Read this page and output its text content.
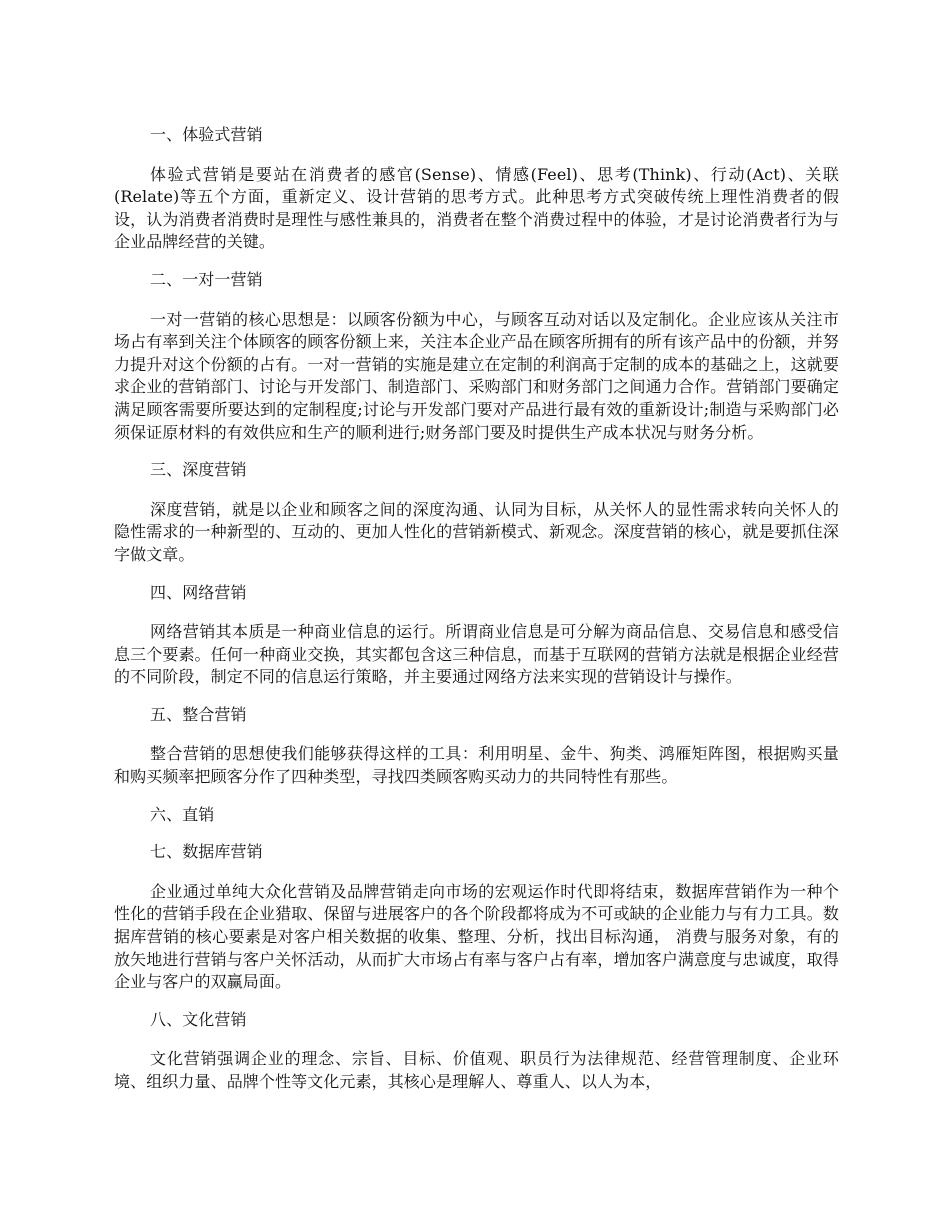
一、体验式营销

体验式营销是要站在消费者的感官(Sense)、情感(Feel)、思考(Think)、行动(Act)、关联(Relate)等五个方面，重新定义、设计营销的思考方式。此种思考方式突破传统上理性消费者的假设，认为消费者消费时是理性与感性兼具的，消费者在整个消费过程中的体验，才是讨论消费者行为与企业品牌经营的关键。

二、一对一营销

一对一营销的核心思想是：以顾客份额为中心，与顾客互动对话以及定制化。企业应该从关注市场占有率到关注个体顾客的顾客份额上来，关注本企业产品在顾客所拥有的所有该产品中的份额，并努力提升对这个份额的占有。一对一营销的实施是建立在定制的利润高于定制的成本的基础之上，这就要求企业的营销部门、讨论与开发部门、制造部门、采购部门和财务部门之间通力合作。营销部门要确定满足顾客需要所要达到的定制程度;讨论与开发部门要对产品进行最有效的重新设计;制造与采购部门必须保证原材料的有效供应和生产的顺利进行;财务部门要及时提供生产成本状况与财务分析。

三、深度营销

深度营销，就是以企业和顾客之间的深度沟通、认同为目标，从关怀人的显性需求转向关怀人的隐性需求的一种新型的、互动的、更加人性化的营销新模式、新观念。深度营销的核心，就是要抓住深字做文章。

四、网络营销

网络营销其本质是一种商业信息的运行。所谓商业信息是可分解为商品信息、交易信息和感受信息三个要素。任何一种商业交换，其实都包含这三种信息，而基于互联网的营销方法就是根据企业经营的不同阶段，制定不同的信息运行策略，并主要通过网络方法来实现的营销设计与操作。

五、整合营销

整合营销的思想使我们能够获得这样的工具：利用明星、金牛、狗类、鸿雁矩阵图，根据购买量和购买频率把顾客分作了四种类型，寻找四类顾客购买动力的共同特性有那些。

六、直销

七、数据库营销

企业通过单纯大众化营销及品牌营销走向市场的宏观运作时代即将结束，数据库营销作为一种个性化的营销手段在企业猎取、保留与进展客户的各个阶段都将成为不可或缺的企业能力与有力工具。数据库营销的核心要素是对客户相关数据的收集、整理、分析，找出目标沟通， 消费与服务对象，有的放矢地进行营销与客户关怀活动，从而扩大市场占有率与客户占有率，增加客户满意度与忠诚度，取得企业与客户的双赢局面。

八、文化营销

文化营销强调企业的理念、宗旨、目标、价值观、职员行为法律规范、经营管理制度、企业环境、组织力量、品牌个性等文化元素，其核心是理解人、尊重人、以人为本，
